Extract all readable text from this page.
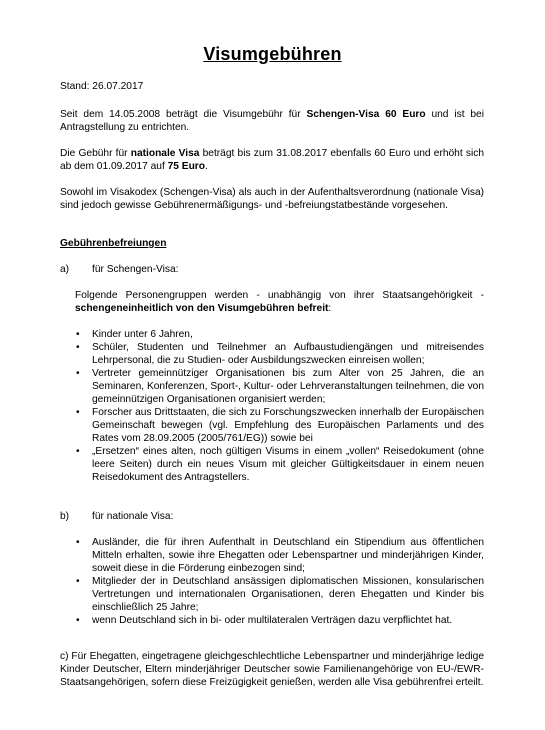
Visumgebühren

Stand: 26.07.2017

Seit dem 14.05.2008 beträgt die Visumgebühr für Schengen-Visa 60 Euro und ist bei Antragstellung zu entrichten.

Die Gebühr für nationale Visa beträgt bis zum 31.08.2017 ebenfalls 60 Euro und erhöht sich ab dem 01.09.2017 auf 75 Euro.

Sowohl im Visakodex (Schengen-Visa) als auch in der Aufenthaltsverordnung (nationale Visa) sind jedoch gewisse Gebührenermäßigungs- und -befreiungstatbestände vorgesehen.

Gebührenbefreiungen

a) für Schengen-Visa:

Folgende Personengruppen werden - unabhängig von ihrer Staatsangehörigkeit - schengeneinheitlich von den Visumgebühren befreit:

• Kinder unter 6 Jahren,
• Schüler, Studenten und Teilnehmer an Aufbaustudiengängen und mitreisendes Lehrpersonal, die zu Studien- oder Ausbildungszwecken einreisen wollen;
• Vertreter gemeinnütziger Organisationen bis zum Alter von 25 Jahren, die an Seminaren, Konferenzen, Sport-, Kultur- oder Lehrveranstaltungen teilnehmen, die von gemeinnützigen Organisationen organisiert werden;
• Forscher aus Drittstaaten, die sich zu Forschungszwecken innerhalb der Europäischen Gemeinschaft bewegen (vgl. Empfehlung des Europäischen Parlaments und des Rates vom 28.09.2005 (2005/761/EG)) sowie bei
• „Ersetzen“ eines alten, noch gültigen Visums in einem „vollen“ Reisedokument (ohne leere Seiten) durch ein neues Visum mit gleicher Gültigkeitsdauer in einem neuen Reisedokument des Antragstellers.
b) für nationale Visa:
• Ausländer, die für ihren Aufenthalt in Deutschland ein Stipendium aus öffentlichen Mitteln erhalten, sowie ihre Ehegatten oder Lebenspartner und minderjährigen Kinder, soweit diese in die Förderung einbezogen sind;
• Mitglieder der in Deutschland ansässigen diplomatischen Missionen, konsularischen Vertretungen und internationalen Organisationen, deren Ehegatten und Kinder bis einschließlich 25 Jahre;
• wenn Deutschland sich in bi- oder multilateralen Verträgen dazu verpflichtet hat.

c) Für Ehegatten, eingetragene gleichgeschlechtliche Lebenspartner und minderjährige ledige Kinder Deutscher, Eltern minderjähriger Deutscher sowie Familienangehörige von EU-/EWR-Staatsangehörigen, sofern diese Freizügigkeit genießen, werden alle Visa gebührenfrei erteilt.
